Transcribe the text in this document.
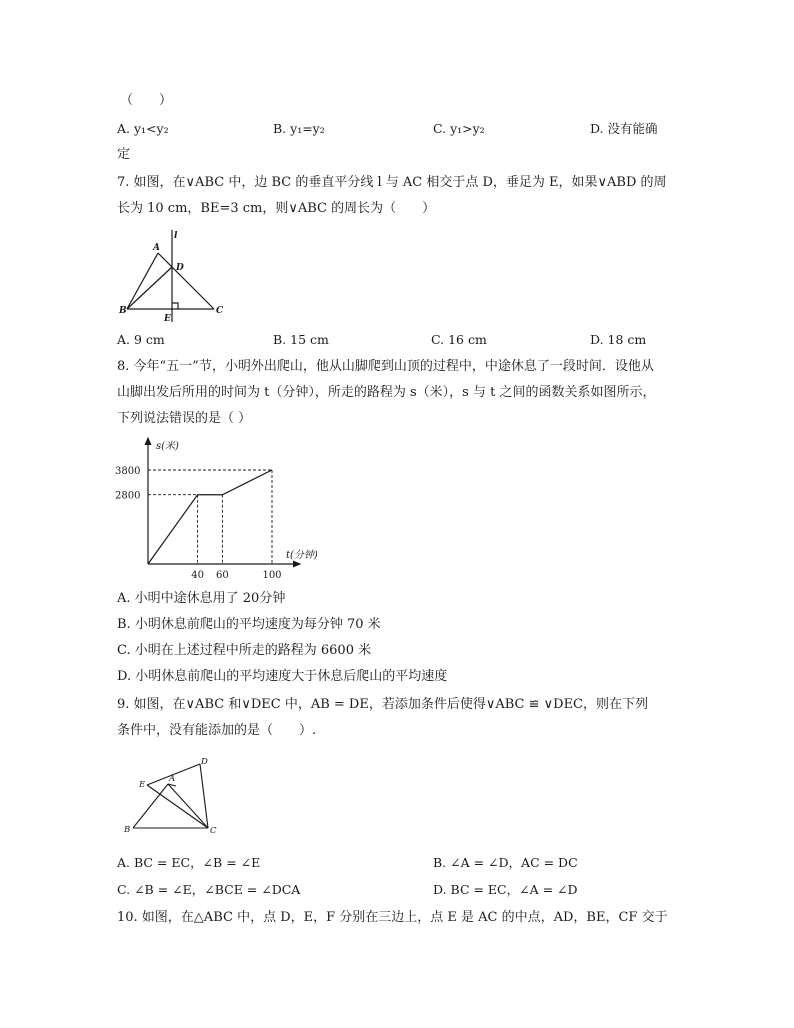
（　　）
A. y₁<y₂	B. y₁=y₂	C. y₁>y₂	D. 没有能确
定
7. 如图，在∨ABC 中，边 BC 的垂直平分线 l 与 AC 相交于点 D，垂足为 E，如果∨ABD 的周
长为 10 cm，BE=3 cm，则∨ABC 的周长为（　　）
A
B	C
D
E
l
A. 9 cm	B. 15 cm	C. 16 cm	D. 18 cm
8. 今年“五一”节，小明外出爬山，他从山脚爬到山顶的过程中，中途休息了一段时间．设他从
山脚出发后所用的时间为 t（分钟），所走的路程为 s（米），s 与 t 之间的函数关系如图所示，
下列说法错误的是（ ）
s(米)
t(分钟)
3800
2800
40 60	100
A. 小明中途休息用了 20分钟
B. 小明休息前爬山的平均速度为每分钟 70 米
C. 小明在上述过程中所走的路程为 6600 米
D. 小明休息前爬山的平均速度大于休息后爬山的平均速度
9. 如图，在∨ABC 和∨DEC 中，AB = DE，若添加条件后使得∨ABC ≌ ∨DEC，则在下列
条件中，没有能添加的是（　　）.
A
B	C
D
E
A. BC = EC，∠B = ∠E	B. ∠A = ∠D，AC = DC
C. ∠B = ∠E，∠BCE = ∠DCA	D. BC = EC，∠A = ∠D
10. 如图，在△ABC 中，点 D，E，F 分别在三边上，点 E 是 AC 的中点，AD，BE，CF 交于
